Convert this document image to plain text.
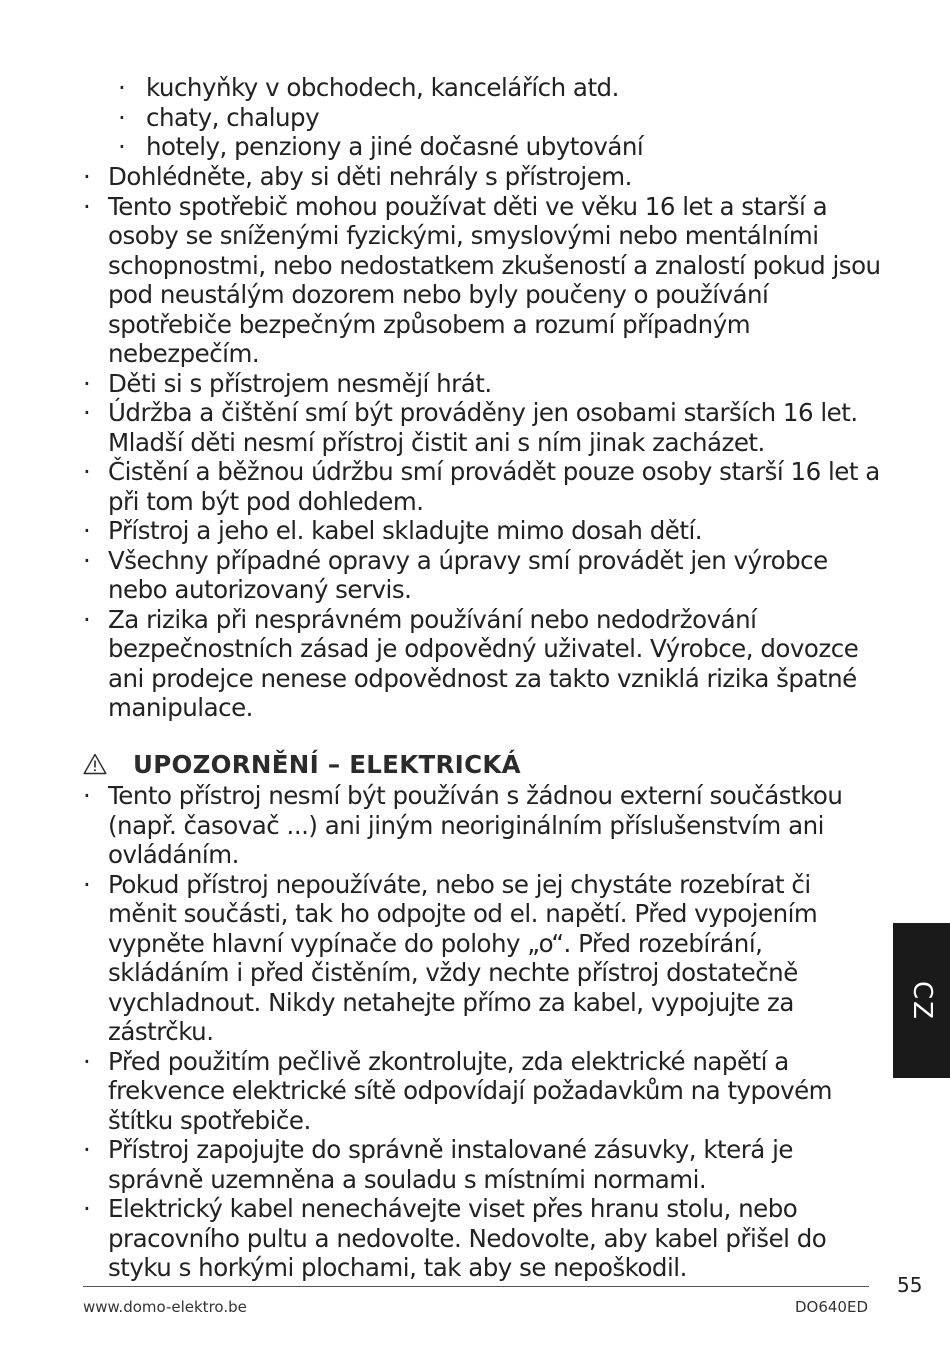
· kuchyňky v obchodech, kancelářích atd.
· chaty, chalupy
· hotely, penziony a jiné dočasné ubytování
· Dohlédněte, aby si děti nehrály s přístrojem.
· Tento spotřebič mohou používat děti ve věku 16 let a starší a osoby se sníženými fyzickými, smyslovými nebo mentálními schopnostmi, nebo nedostatkem zkušeností a znalostí pokud jsou pod neustálým dozorem nebo byly poučeny o používání spotřebiče bezpečným způsobem a rozumí případným nebezpečím.
· Děti si s přístrojem nesmějí hrát.
· Údržba a čištění smí být prováděny jen osobami starších 16 let. Mladší děti nesmí přístroj čistit ani s ním jinak zacházet.
· Čistění a běžnou údržbu smí provádět pouze osoby starší 16 let a při tom být pod dohledem.
· Přístroj a jeho el. kabel skladujte mimo dosah dětí.
· Všechny případné opravy a úpravy smí provádět jen výrobce nebo autorizovaný servis.
· Za rizika při nesprávném používání nebo nedodržování bezpečnostních zásad je odpovědný uživatel. Výrobce, dovozce ani prodejce nenese odpovědnost za takto vzniklá rizika špatné manipulace.
UPOZORNĚNÍ – ELEKTRICKÁ
· Tento přístroj nesmí být používán s žádnou externí součástkou (např. časovač ...) ani jiným neoriginálním příslušenstvím ani ovládáním.
· Pokud přístroj nepoužíváte, nebo se jej chystáte rozebírat či měnit součásti, tak ho odpojte od el. napětí. Před vypojením vypněte hlavní vypínače do polohy „o“. Před rozebírání, skládáním i před čistěním, vždy nechte přístroj dostatečně vychladnout. Nikdy netahejte přímo za kabel, vypojujte za zástrčku.
· Před použitím pečlivě zkontrolujte, zda elektrické napětí a frekvence elektrické sítě odpovídají požadavkům na typovém štítku spotřebiče.
· Přístroj zapojujte do správně instalované zásuvky, která je správně uzemněna a souladu s místními normami.
· Elektrický kabel nenechávejte viset přes hranu stolu, nebo pracovního pultu a nedovolte. Nedovolte, aby kabel přišel do styku s horkými plochami, tak aby se nepoškodil.
www.domo-elektro.be	DO640ED
55
CZ
